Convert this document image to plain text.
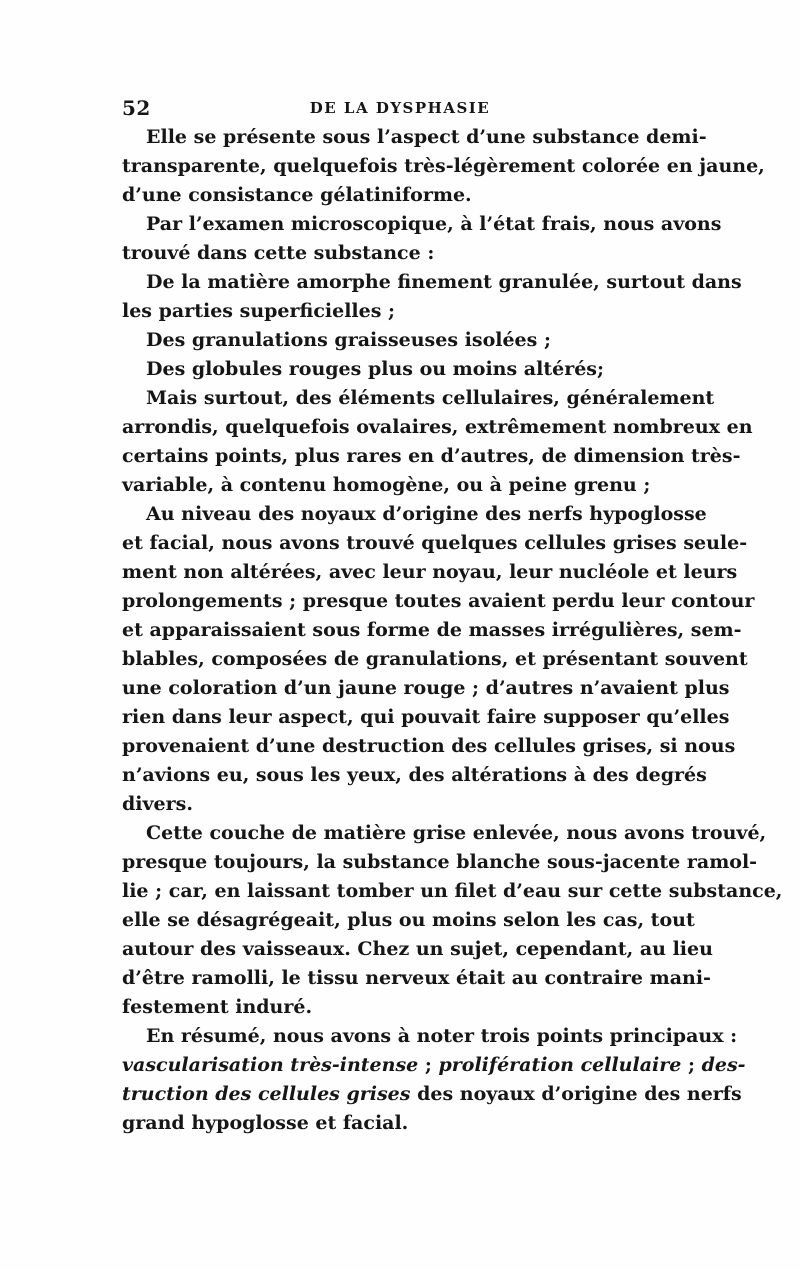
52	DE LA DYSPHASIE

Elle se présente sous l’aspect d’une substance demi-
transparente, quelquefois très-légèrement colorée en jaune,
d’une consistance gélatiniforme.

Par l’examen microscopique, à l’état frais, nous avons
trouvé dans cette substance :

De la matière amorphe finement granulée, surtout dans
les parties superficielles ;

Des granulations graisseuses isolées ;

Des globules rouges plus ou moins altérés;

Mais surtout, des éléments cellulaires, généralement
arrondis, quelquefois ovalaires, extrêmement nombreux en
certains points, plus rares en d’autres, de dimension très-
variable, à contenu homogène, ou à peine grenu ;

Au niveau des noyaux d’origine des nerfs hypoglosse
et facial, nous avons trouvé quelques cellules grises seule-
ment non altérées, avec leur noyau, leur nucléole et leurs
prolongements ; presque toutes avaient perdu leur contour
et apparaissaient sous forme de masses irrégulières, sem-
blables, composées de granulations, et présentant souvent
une coloration d’un jaune rouge ; d’autres n’avaient plus
rien dans leur aspect, qui pouvait faire supposer qu’elles
provenaient d’une destruction des cellules grises, si nous
n’avions eu, sous les yeux, des altérations à des degrés
divers.

Cette couche de matière grise enlevée, nous avons trouvé,
presque toujours, la substance blanche sous-jacente ramol-
lie ; car, en laissant tomber un filet d’eau sur cette substance,
elle se désagrégeait, plus ou moins selon les cas, tout
autour des vaisseaux. Chez un sujet, cependant, au lieu
d’être ramolli, le tissu nerveux était au contraire mani-
festement induré.

En résumé, nous avons à noter trois points principaux :
vascularisation très-intense ; prolifération cellulaire ; des-
truction des cellules grises des noyaux d’origine des nerfs
grand hypoglosse et facial.
